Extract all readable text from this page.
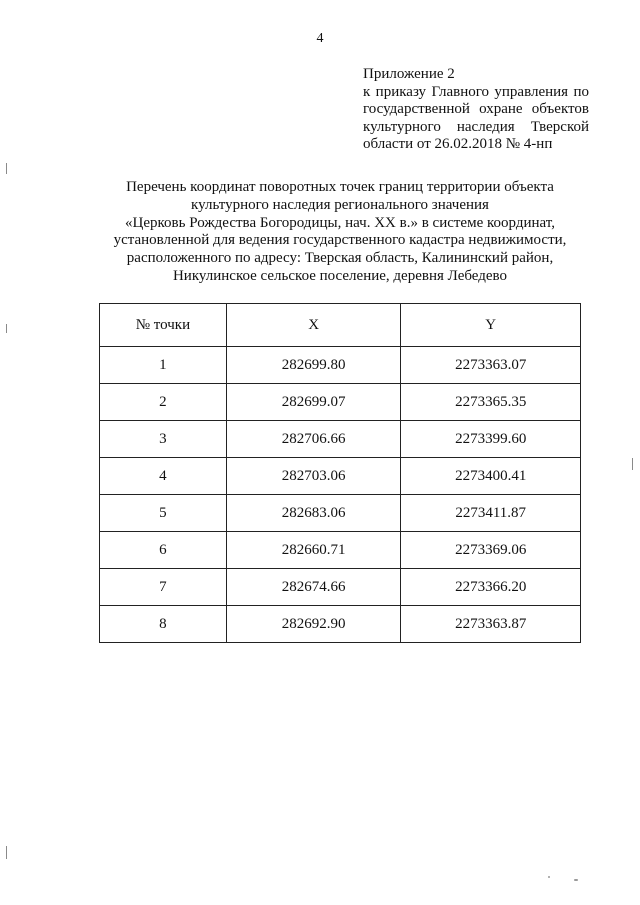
4
Приложение 2
к приказу Главного управления по
государственной охране объектов
культурного наследия Тверской
области от 26.02.2018 № 4-нп
Перечень координат поворотных точек границ территории объекта
культурного наследия регионального значения
«Церковь Рождества Богородицы, нач. XX в.» в системе координат,
установленной для ведения государственного кадастра недвижимости,
расположенного по адресу: Тверская область, Калининский район,
Никулинское сельское поселение, деревня Лебедево
№ точки	X	Y
1	282699.80	2273363.07
2	282699.07	2273365.35
3	282706.66	2273399.60
4	282703.06	2273400.41
5	282683.06	2273411.87
6	282660.71	2273369.06
7	282674.66	2273366.20
8	282692.90	2273363.87
